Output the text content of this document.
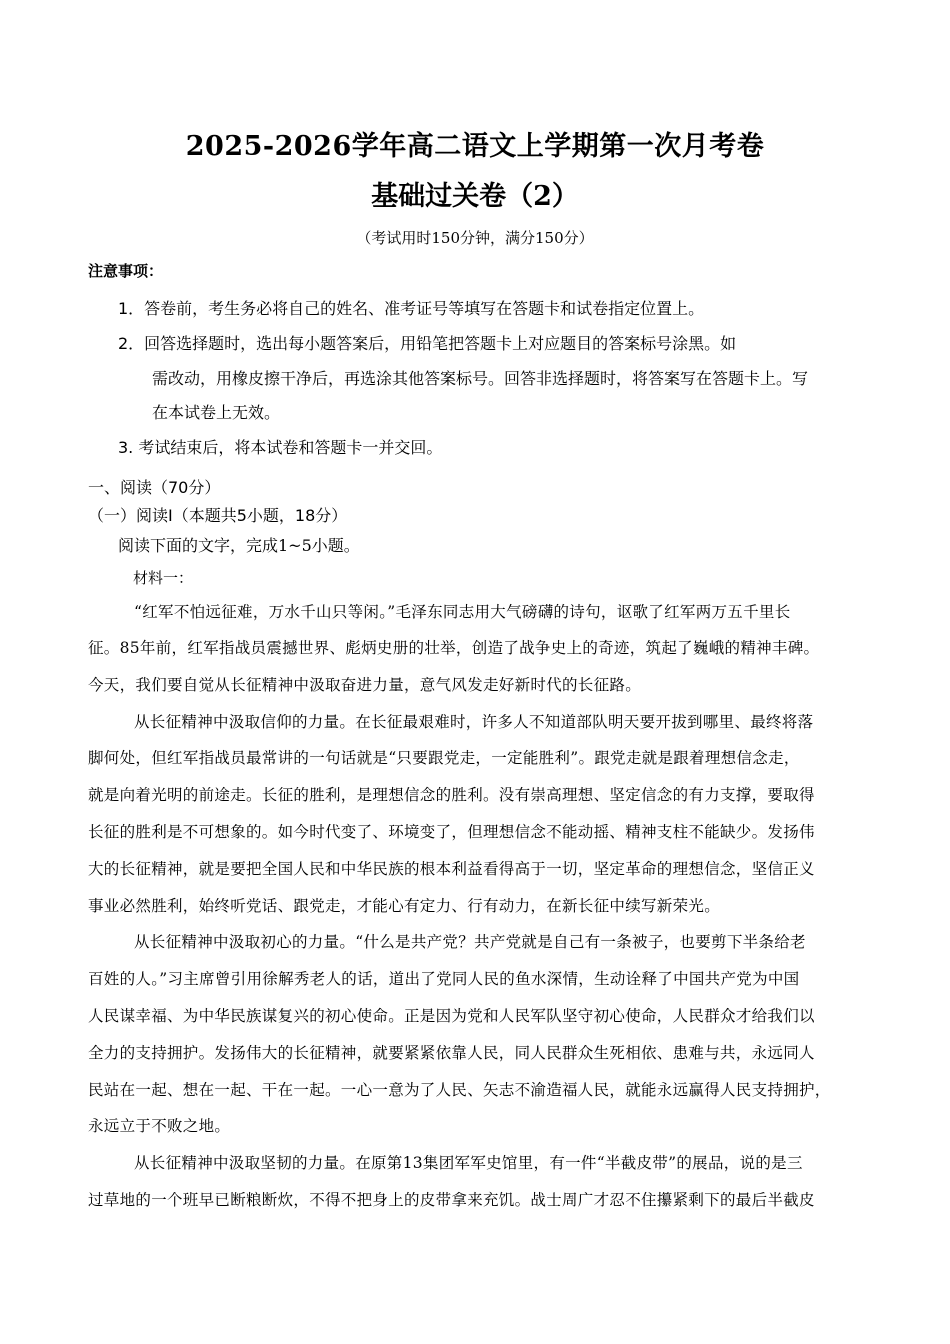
2025-2026学年高二语文上学期第一次月考卷
基础过关卷（2）
（考试用时150分钟，满分150分）
注意事项：
1．答卷前，考生务必将自己的姓名、准考证号等填写在答题卡和试卷指定位置上。
2．回答选择题时，选出每小题答案后，用铅笔把答题卡上对应题目的答案标号涂黑。如
需改动，用橡皮擦干净后，再选涂其他答案标号。回答非选择题时，将答案写在答题卡上。写
在本试卷上无效。
3. 考试结束后，将本试卷和答题卡一并交回。
一、阅读（70分）
（一）阅读Ⅰ（本题共5小题，18分）
阅读下面的文字，完成1~5小题。
材料一：
“红军不怕远征难，万水千山只等闲。”毛泽东同志用大气磅礴的诗句，讴歌了红军两万五千里长
征。85年前，红军指战员震撼世界、彪炳史册的壮举，创造了战争史上的奇迹，筑起了巍峨的精神丰碑。
今天，我们要自觉从长征精神中汲取奋进力量，意气风发走好新时代的长征路。
从长征精神中汲取信仰的力量。在长征最艰难时，许多人不知道部队明天要开拔到哪里、最终将落
脚何处，但红军指战员最常讲的一句话就是“只要跟党走，一定能胜利”。跟党走就是跟着理想信念走，
就是向着光明的前途走。长征的胜利，是理想信念的胜利。没有崇高理想、坚定信念的有力支撑，要取得
长征的胜利是不可想象的。如今时代变了、环境变了，但理想信念不能动摇、精神支柱不能缺少。发扬伟
大的长征精神，就是要把全国人民和中华民族的根本利益看得高于一切，坚定革命的理想信念，坚信正义
事业必然胜利，始终听党话、跟党走，才能心有定力、行有动力，在新长征中续写新荣光。
从长征精神中汲取初心的力量。“什么是共产党？共产党就是自己有一条被子，也要剪下半条给老
百姓的人。”习主席曾引用徐解秀老人的话，道出了党同人民的鱼水深情，生动诠释了中国共产党为中国
人民谋幸福、为中华民族谋复兴的初心使命。正是因为党和人民军队坚守初心使命，人民群众才给我们以
全力的支持拥护。发扬伟大的长征精神，就要紧紧依靠人民，同人民群众生死相依、患难与共，永远同人
民站在一起、想在一起、干在一起。一心一意为了人民、矢志不渝造福人民，就能永远赢得人民支持拥护，
永远立于不败之地。
从长征精神中汲取坚韧的力量。在原第13集团军军史馆里，有一件“半截皮带”的展品，说的是三
过草地的一个班早已断粮断炊，不得不把身上的皮带拿来充饥。战士周广才忍不住攥紧剩下的最后半截皮
